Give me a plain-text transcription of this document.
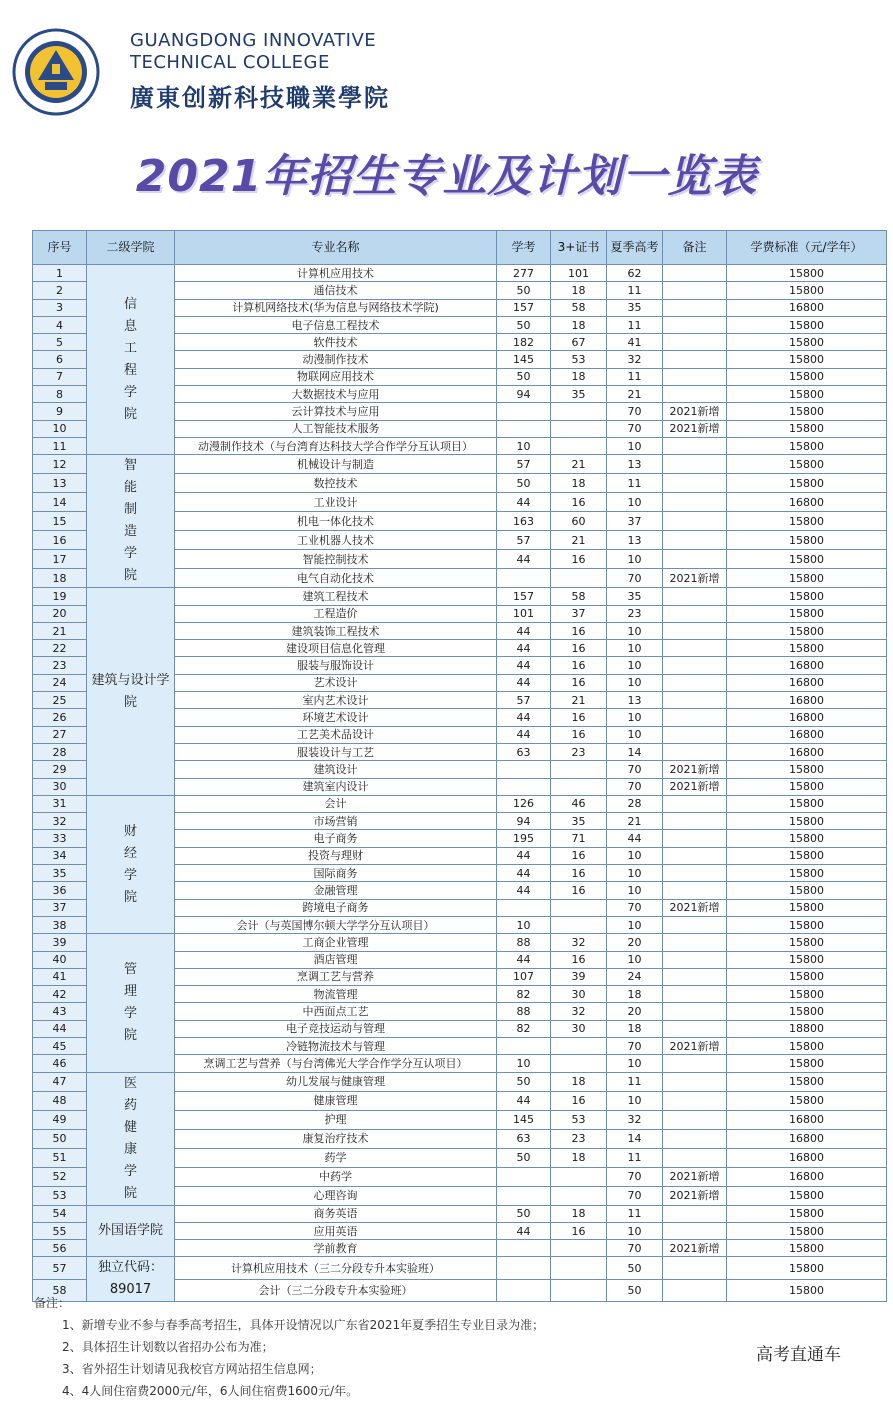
GUANGDONG INNOVATIVE
TECHNICAL COLLEGE
廣東创新科技職業學院
2021年招生专业及计划一览表
序号	二级学院	专业名称	学考	3+证书	夏季高考	备注	学费标准（元/学年）
1	信息工程学院	计算机应用技术	277	101	62		15800
2		通信技术	50	18	11		15800
3		计算机网络技术(华为信息与网络技术学院)	157	58	35		16800
4		电子信息工程技术	50	18	11		15800
5		软件技术	182	67	41		15800
6		动漫制作技术	145	53	32		15800
7		物联网应用技术	50	18	11		15800
8		大数据技术与应用	94	35	21		15800
9		云计算技术与应用			70	2021新增	15800
10		人工智能技术服务			70	2021新增	15800
11		动漫制作技术（与台湾育达科技大学合作学分互认项目）	10		10		15800
12	智能制造学院	机械设计与制造	57	21	13		15800
13		数控技术	50	18	11		15800
14		工业设计	44	16	10		16800
15		机电一体化技术	163	60	37		15800
16		工业机器人技术	57	21	13		15800
17		智能控制技术	44	16	10		15800
18		电气自动化技术			70	2021新增	15800
19	建筑与设计学院	建筑工程技术	157	58	35		15800
20		工程造价	101	37	23		15800
21		建筑装饰工程技术	44	16	10		15800
22		建设项目信息化管理	44	16	10		15800
23		服装与服饰设计	44	16	10		16800
24		艺术设计	44	16	10		16800
25		室内艺术设计	57	21	13		16800
26		环境艺术设计	44	16	10		16800
27		工艺美术品设计	44	16	10		16800
28		服装设计与工艺	63	23	14		16800
29		建筑设计			70	2021新增	15800
30		建筑室内设计			70	2021新增	15800
31	财经学院	会计	126	46	28		15800
32		市场营销	94	35	21		15800
33		电子商务	195	71	44		15800
34		投资与理财	44	16	10		15800
35		国际商务	44	16	10		15800
36		金融管理	44	16	10		15800
37		跨境电子商务			70	2021新增	15800
38		会计（与英国博尔顿大学学分互认项目）	10		10		15800
39	管理学院	工商企业管理	88	32	20		15800
40		酒店管理	44	16	10		15800
41		烹调工艺与营养	107	39	24		15800
42		物流管理	82	30	18		15800
43		中西面点工艺	88	32	20		15800
44		电子竞技运动与管理	82	30	18		18800
45		冷链物流技术与管理			70	2021新增	15800
46		烹调工艺与营养（与台湾佛光大学合作学分互认项目）	10		10		15800
47	医药健康学院	幼儿发展与健康管理	50	18	11		15800
48		健康管理	44	16	10		15800
49		护理	145	53	32		16800
50		康复治疗技术	63	23	14		16800
51		药学	50	18	11		16800
52		中药学			70	2021新增	16800
53		心理咨询			70	2021新增	15800
54	外国语学院	商务英语	50	18	11		15800
55		应用英语	44	16	10		15800
56		学前教育			70	2021新增	15800
57	独立代码：89017	计算机应用技术（三二分段专升本实验班）			50		15800
58		会计（三二分段专升本实验班）			50		15800
备注：
1、新增专业不参与春季高考招生，具体开设情况以广东省2021年夏季招生专业目录为准；
2、具体招生计划数以省招办公布为准；
3、省外招生计划请见我校官方网站招生信息网；
4、4人间住宿费2000元/年，6人间住宿费1600元/年。
高考直通车
